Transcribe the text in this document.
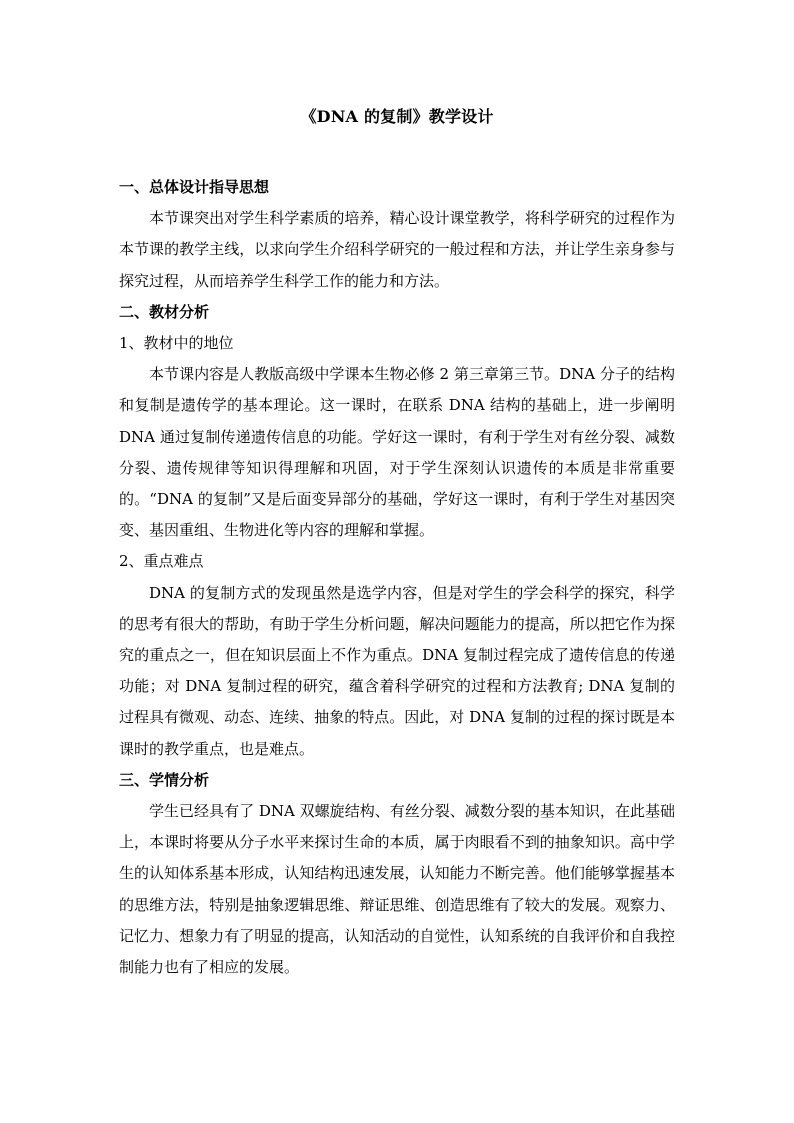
《DNA 的复制》教学设计

一、总体设计指导思想

本节课突出对学生科学素质的培养，精心设计课堂教学，将科学研究的过程作为本节课的教学主线，以求向学生介绍科学研究的一般过程和方法，并让学生亲身参与探究过程，从而培养学生科学工作的能力和方法。

二、教材分析

1、教材中的地位

本节课内容是人教版高级中学课本生物必修 2 第三章第三节。DNA 分子的结构和复制是遗传学的基本理论。这一课时，在联系 DNA 结构的基础上，进一步阐明 DNA 通过复制传递遗传信息的功能。学好这一课时，有利于学生对有丝分裂、减数分裂、遗传规律等知识得理解和巩固，对于学生深刻认识遗传的本质是非常重要的。“DNA 的复制”又是后面变异部分的基础，学好这一课时，有利于学生对基因突变、基因重组、生物进化等内容的理解和掌握。

2、重点难点

DNA 的复制方式的发现虽然是选学内容，但是对学生的学会科学的探究，科学的思考有很大的帮助，有助于学生分析问题，解决问题能力的提高，所以把它作为探究的重点之一，但在知识层面上不作为重点。DNA 复制过程完成了遗传信息的传递功能；对 DNA 复制过程的研究，蕴含着科学研究的过程和方法教育; DNA 复制的过程具有微观、动态、连续、抽象的特点。因此，对 DNA 复制的过程的探讨既是本课时的教学重点，也是难点。

三、学情分析

学生已经具有了 DNA 双螺旋结构、有丝分裂、减数分裂的基本知识，在此基础上，本课时将要从分子水平来探讨生命的本质，属于肉眼看不到的抽象知识。高中学生的认知体系基本形成，认知结构迅速发展，认知能力不断完善。他们能够掌握基本的思维方法，特别是抽象逻辑思维、辩证思维、创造思维有了较大的发展。观察力、记忆力、想象力有了明显的提高，认知活动的自觉性，认知系统的自我评价和自我控制能力也有了相应的发展。
